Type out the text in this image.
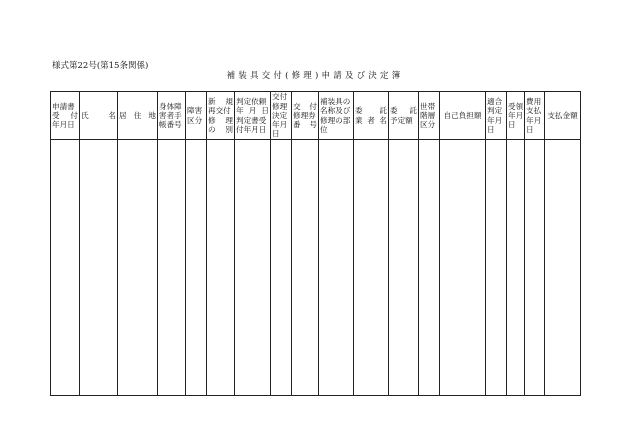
様式第22号(第15条関係)
補装具交付(修理)申請及び決定簿
申請書
受　付
年月日	氏　　名	居 住 地	身体障
害者手
帳番号	障害
区分	新　規
再交付
修　理
の　別	判定依頼
年 月 日
判定書受
付年月日	交付
修理
決定
年月
日	交　付
修理券
番　号	補装具の
名称及び
修理の部
位	委　　託
業 者 名	委　託
予定額	世帯
階層
区分	自己負担額	適合
判定
年月
日	受領
年月
日	費用
支払
年月
日	支払金額
